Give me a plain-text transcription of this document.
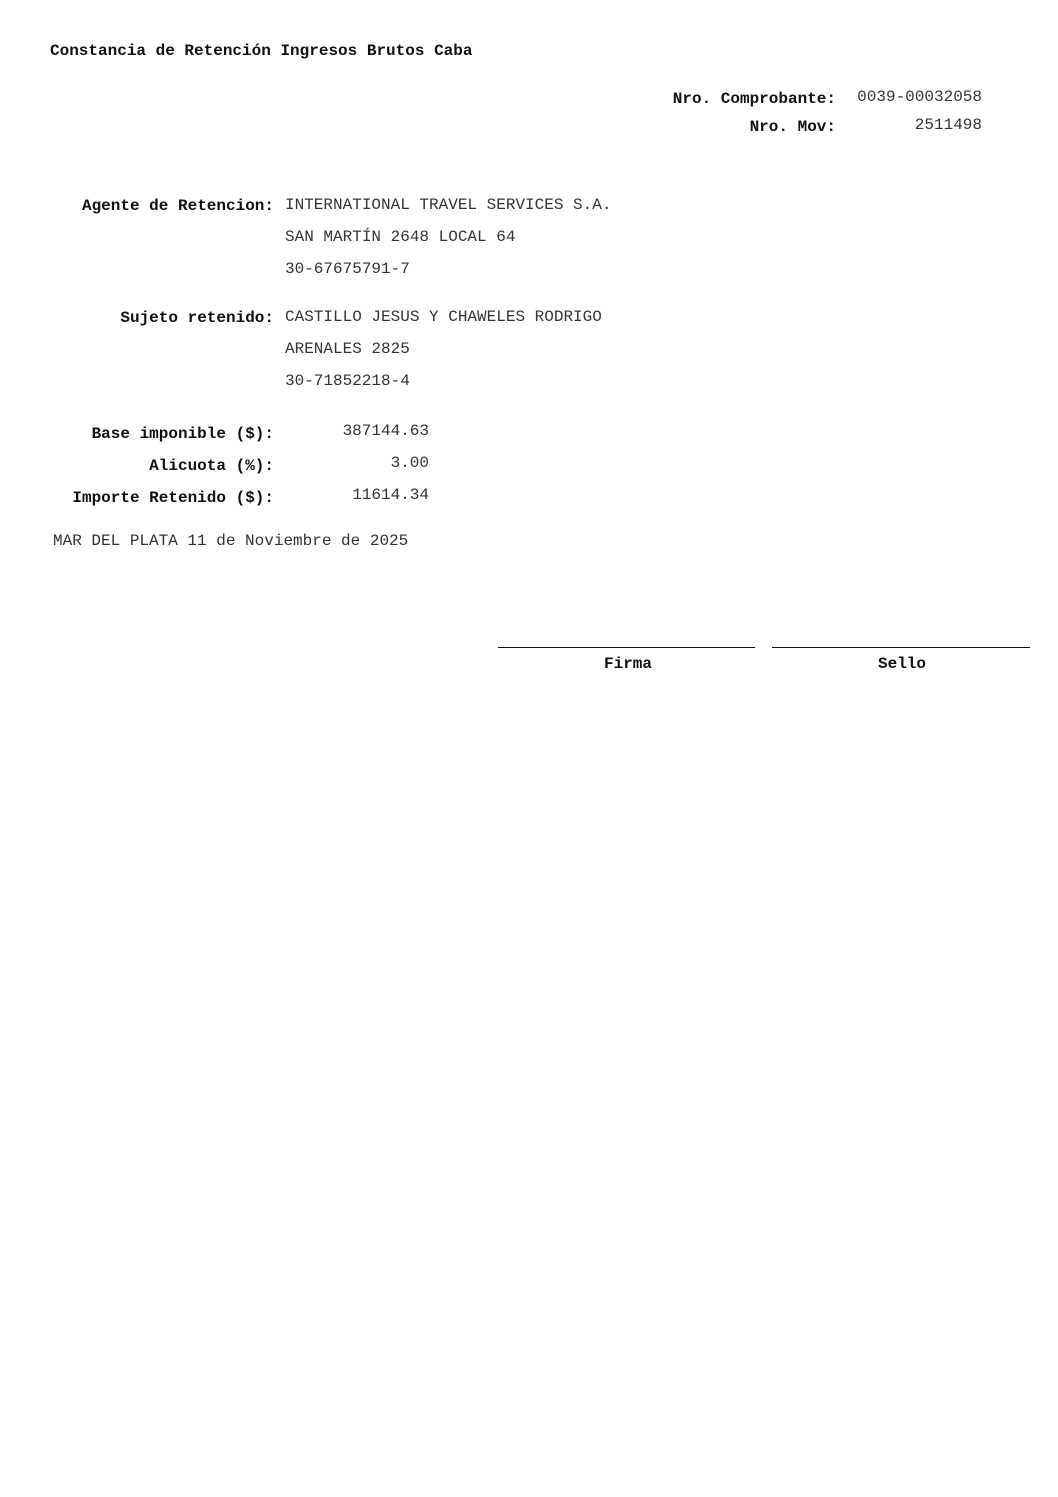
Constancia de Retención Ingresos Brutos Caba
Nro. Comprobante: 0039-00032058
Nro. Mov:	2511498
Agente de Retencion: INTERNATIONAL TRAVEL SERVICES S.A.
SAN MARTÍN 2648 LOCAL 64
30-67675791-7
Sujeto retenido: CASTILLO JESUS Y CHAWELES RODRIGO
ARENALES 2825
30-71852218-4
Base imponible ($):	387144.63
Alicuota (%):	3.00
Importe Retenido ($):	11614.34
MAR DEL PLATA 11 de Noviembre de 2025
Firma	Sello
